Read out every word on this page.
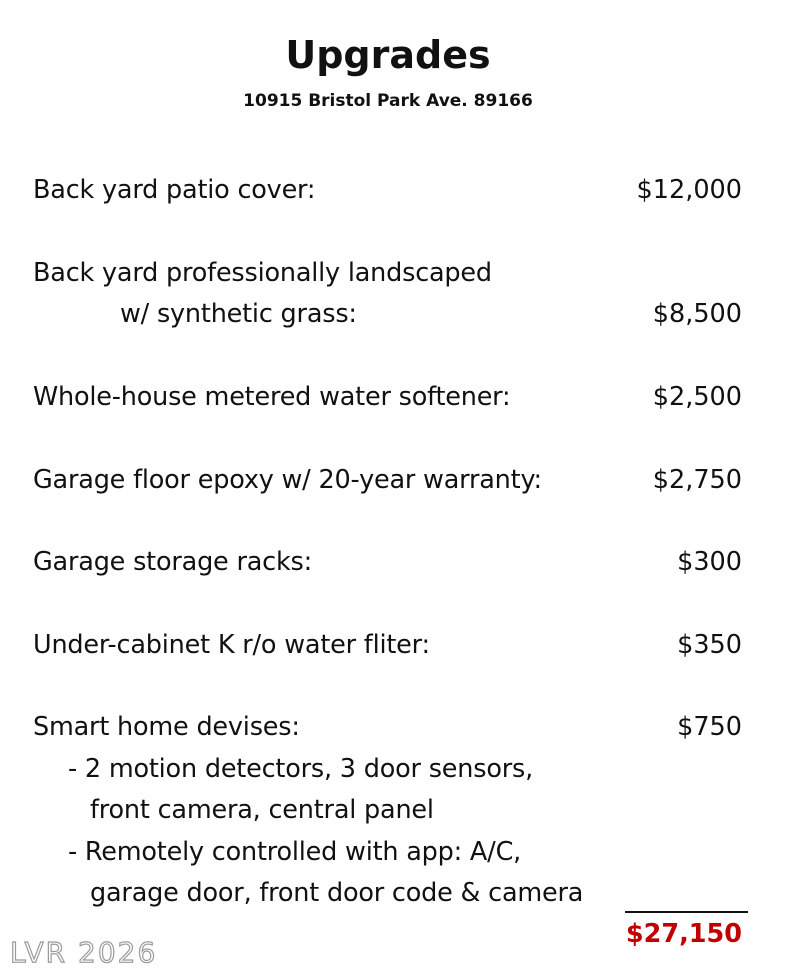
Upgrades
10915 Bristol Park Ave. 89166
Back yard patio cover:	$12,000
Back yard professionally landscaped
w/ synthetic grass:	$8,500
Whole-house metered water softener:	$2,500
Garage floor epoxy w/ 20-year warranty:	$2,750
Garage storage racks:	$300
Under-cabinet K r/o water fliter:	$350
Smart home devises:	$750
- 2 motion detectors, 3 door sensors,
front camera, central panel
- Remotely controlled with app: A/C,
garage door, front door code & camera
$27,150
LVR 2026
